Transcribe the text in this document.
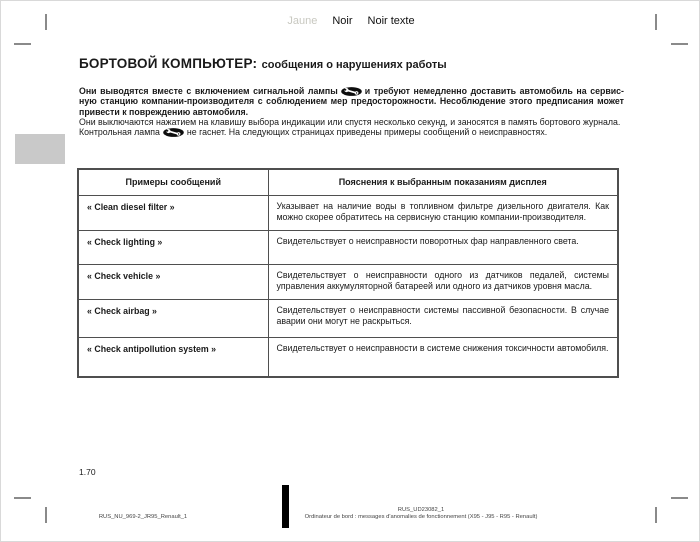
Jaune Noir Noir texte
БОРТОВОЙ КОМПЬЮТЕР: сообщения о нарушениях работы
Они выводятся вместе с включением сигнальной лампы	и требуют немедленно доставить автомобиль на сервис-
ную станцию компании-производителя с соблюдением мер предосторожности. Несоблюдение этого предписания может
привести к повреждению автомобиля.
Они выключаются нажатием на клавишу выбора индикации или спустя несколько секунд, и заносятся в память бортового журнала.
Контрольная лампа	не гаснет. На следующих страницах приведены примеры сообщений о неисправностях.
Примеры сообщений	Пояснения к выбранным показаниям дисплея
« Clean diesel filter »	Указывает на наличие воды в топливном фильтре дизельного двигателя. Как можно скорее обратитесь на сервисную станцию компании-производителя.
« Check lighting »	Свидетельствует о неисправности поворотных фар направленного света.
« Check vehicle »	Свидетельствует о неисправности одного из датчиков педалей, системы управления аккумуляторной батареей или одного из датчиков уровня масла.
« Check airbag »	Свидетельствует о неисправности системы пассивной безопасности. В случае аварии они могут не раскрыться.
« Check antipollution system »	Свидетельствует о неисправности в системе снижения токсичности автомобиля.
1.70
RUS_NU_969-2_JR95_Renault_1
RUS_UD23082_1
Ordinateur de bord : messages d'anomalies de fonctionnement (X95 - J95 - R95 - Renault)
